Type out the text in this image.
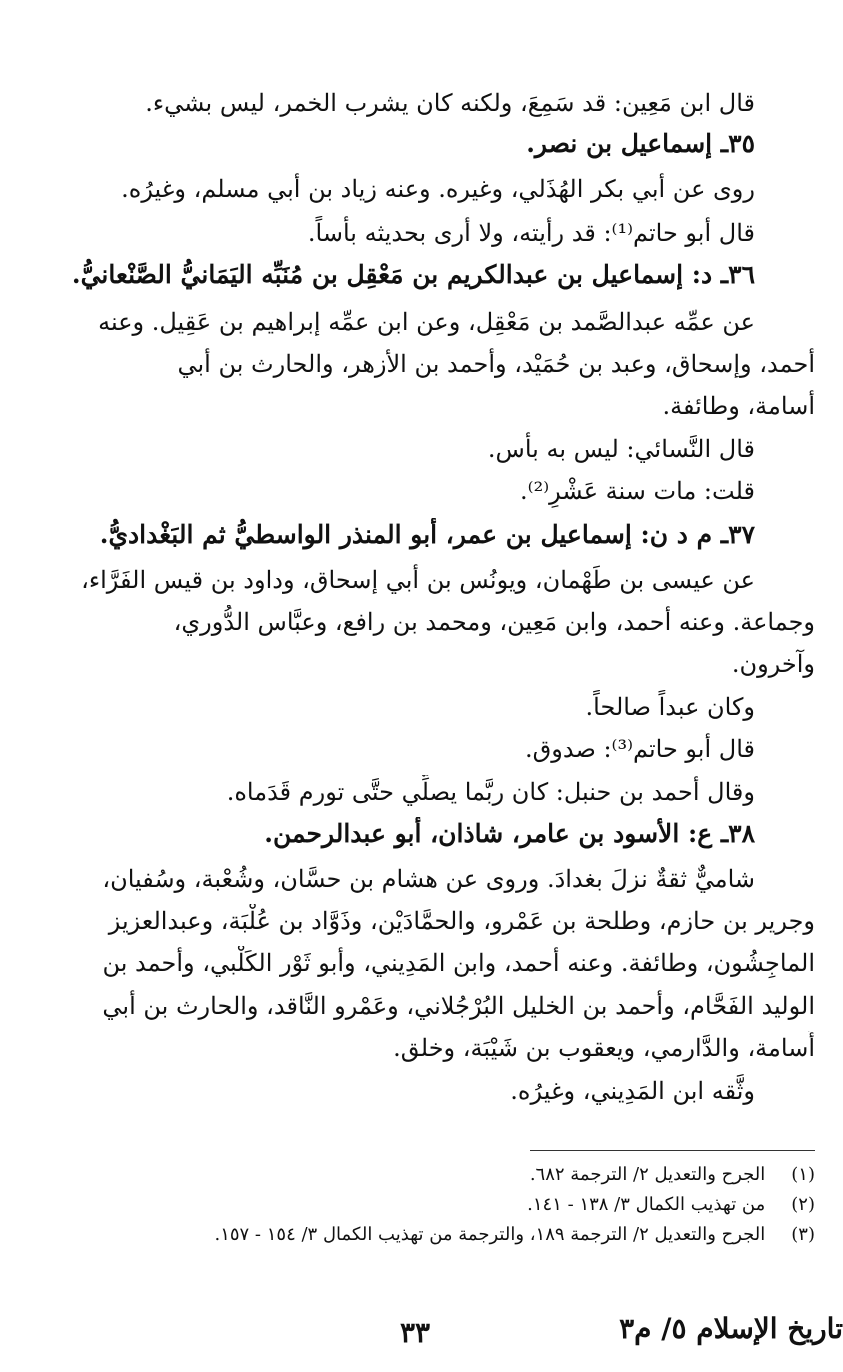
قال ابن مَعِين: قد سَمِعَ، ولكنه كان يشرب الخمر، ليس بشيء.
٣٥ـ إسماعيل بن نصر.
روى عن أبي بكر الهُذَلي، وغيره. وعنه زياد بن أبي مسلم، وغيرُه.
قال أبو حاتم⁽¹⁾: قد رأيته، ولا أرى بحديثه بأساً.
٣٦ـ د: إسماعيل بن عبدالكريم بن مَعْقِل بن مُنَبِّه اليَمَانيُّ الصَّنْعانيُّ.
عن عمِّه عبدالصَّمد بن مَعْقِل، وعن ابن عمِّه إبراهيم بن عَقِيل. وعنه
أحمد، وإسحاق، وعبد بن حُمَيْد، وأحمد بن الأزهر، والحارث بن أبي
أسامة، وطائفة.
قال النَّسائي: ليس به بأس.
قلت: مات سنة عَشْرٍ⁽²⁾.
٣٧ـ م د ن: إسماعيل بن عمر، أبو المنذر الواسطيُّ ثم البَغْداديُّ.
عن عيسى بن طَهْمان، ويونُس بن أبي إسحاق، وداود بن قيس الفَرَّاء،
وجماعة. وعنه أحمد، وابن مَعِين، ومحمد بن رافع، وعبَّاس الدُّوري،
وآخرون.
وكان عبداً صالحاً.
قال أبو حاتم⁽³⁾: صدوق.
وقال أحمد بن حنبل: كان ربَّما يصلِّي حتَّى تورم قَدَماه.
٣٨ـ ع: الأسود بن عامر، شاذان، أبو عبدالرحمن.
شاميٌّ ثقةٌ نزلَ بغدادَ. وروى عن هشام بن حسَّان، وشُعْبة، وسُفيان،
وجرير بن حازم، وطلحة بن عَمْرو، والحمَّادَيْن، وذَوَّاد بن عُلْبَة، وعبدالعزيز
الماجِشُون، وطائفة. وعنه أحمد، وابن المَدِيني، وأبو ثَوْر الكَلْبي، وأحمد بن
الوليد الفَحَّام، وأحمد بن الخليل البُرْجُلاني، وعَمْرو النَّاقد، والحارث بن أبي
أُسامة، والدَّارمي، ويعقوب بن شَيْبَة، وخلق.
وثَّقه ابن المَدِيني، وغيرُه.
(١) الجرح والتعديل ٢/ الترجمة ٦٨٢.
(٢) من تهذيب الكمال ٣/ ١٣٨ - ١٤١.
(٣) الجرح والتعديل ٢/ الترجمة ١٨٩، والترجمة من تهذيب الكمال ٣/ ١٥٤ - ١٥٧.
تاريخ الإسلام ٥/ م٣
٣٣
